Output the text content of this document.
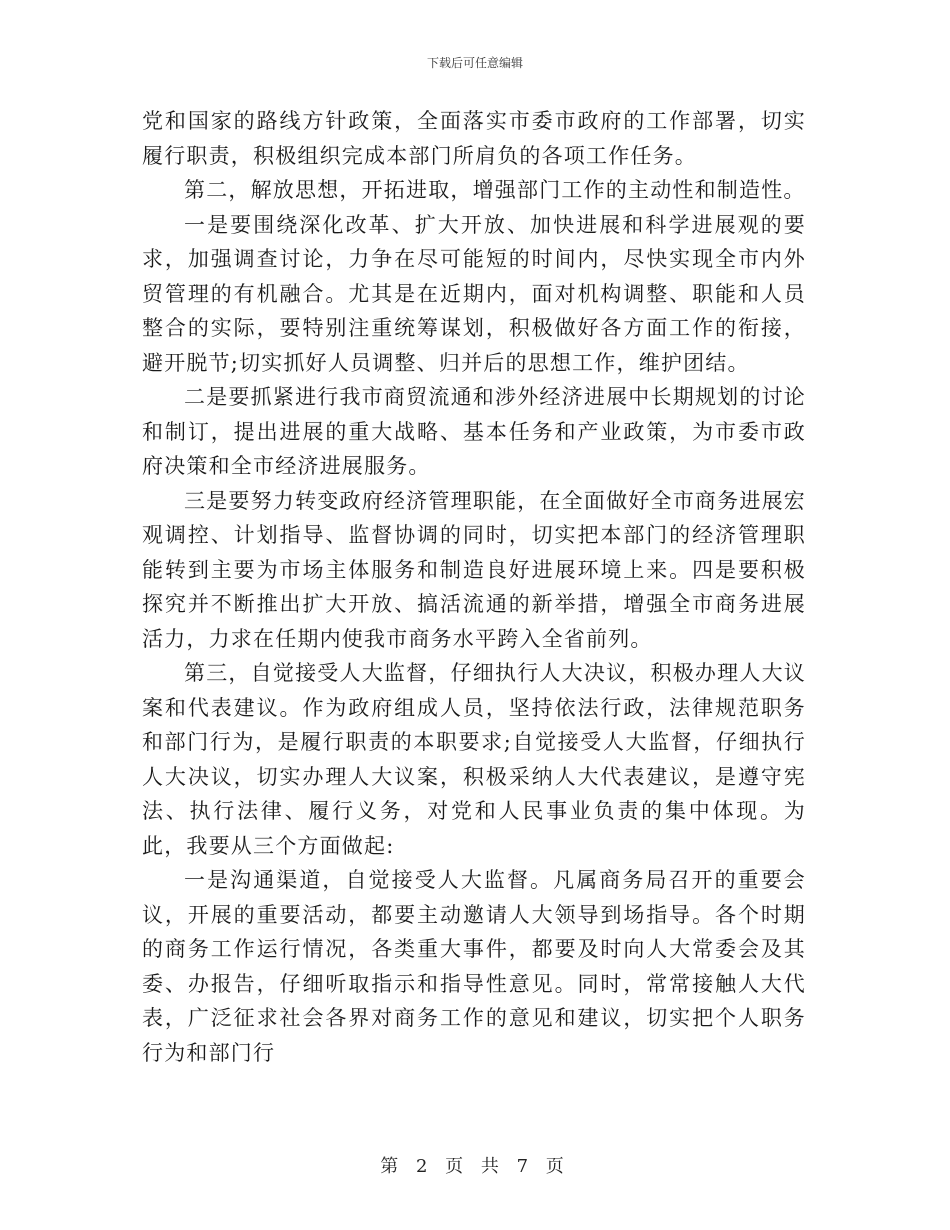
下载后可任意编辑

党和国家的路线方针政策，全面落实市委市政府的工作部署，切实履行职责，积极组织完成本部门所肩负的各项工作任务。

第二，解放思想，开拓进取，增强部门工作的主动性和制造性。

一是要围绕深化改革、扩大开放、加快进展和科学进展观的要求，加强调查讨论，力争在尽可能短的时间内，尽快实现全市内外贸管理的有机融合。尤其是在近期内，面对机构调整、职能和人员整合的实际，要特别注重统筹谋划，积极做好各方面工作的衔接，避开脱节;切实抓好人员调整、归并后的思想工作，维护团结。

二是要抓紧进行我市商贸流通和涉外经济进展中长期规划的讨论和制订，提出进展的重大战略、基本任务和产业政策，为市委市政府决策和全市经济进展服务。

三是要努力转变政府经济管理职能，在全面做好全市商务进展宏观调控、计划指导、监督协调的同时，切实把本部门的经济管理职能转到主要为市场主体服务和制造良好进展环境上来。四是要积极探究并不断推出扩大开放、搞活流通的新举措，增强全市商务进展活力，力求在任期内使我市商务水平跨入全省前列。

第三，自觉接受人大监督，仔细执行人大决议，积极办理人大议案和代表建议。作为政府组成人员，坚持依法行政，法律规范职务和部门行为，是履行职责的本职要求;自觉接受人大监督，仔细执行人大决议，切实办理人大议案，积极采纳人大代表建议，是遵守宪法、执行法律、履行义务，对党和人民事业负责的集中体现。为此，我要从三个方面做起:

一是沟通渠道，自觉接受人大监督。凡属商务局召开的重要会议，开展的重要活动，都要主动邀请人大领导到场指导。各个时期的商务工作运行情况，各类重大事件，都要及时向人大常委会及其委、办报告，仔细听取指示和指导性意见。同时，常常接触人大代表，广泛征求社会各界对商务工作的意见和建议，切实把个人职务行为和部门行

第 2 页 共 7 页
